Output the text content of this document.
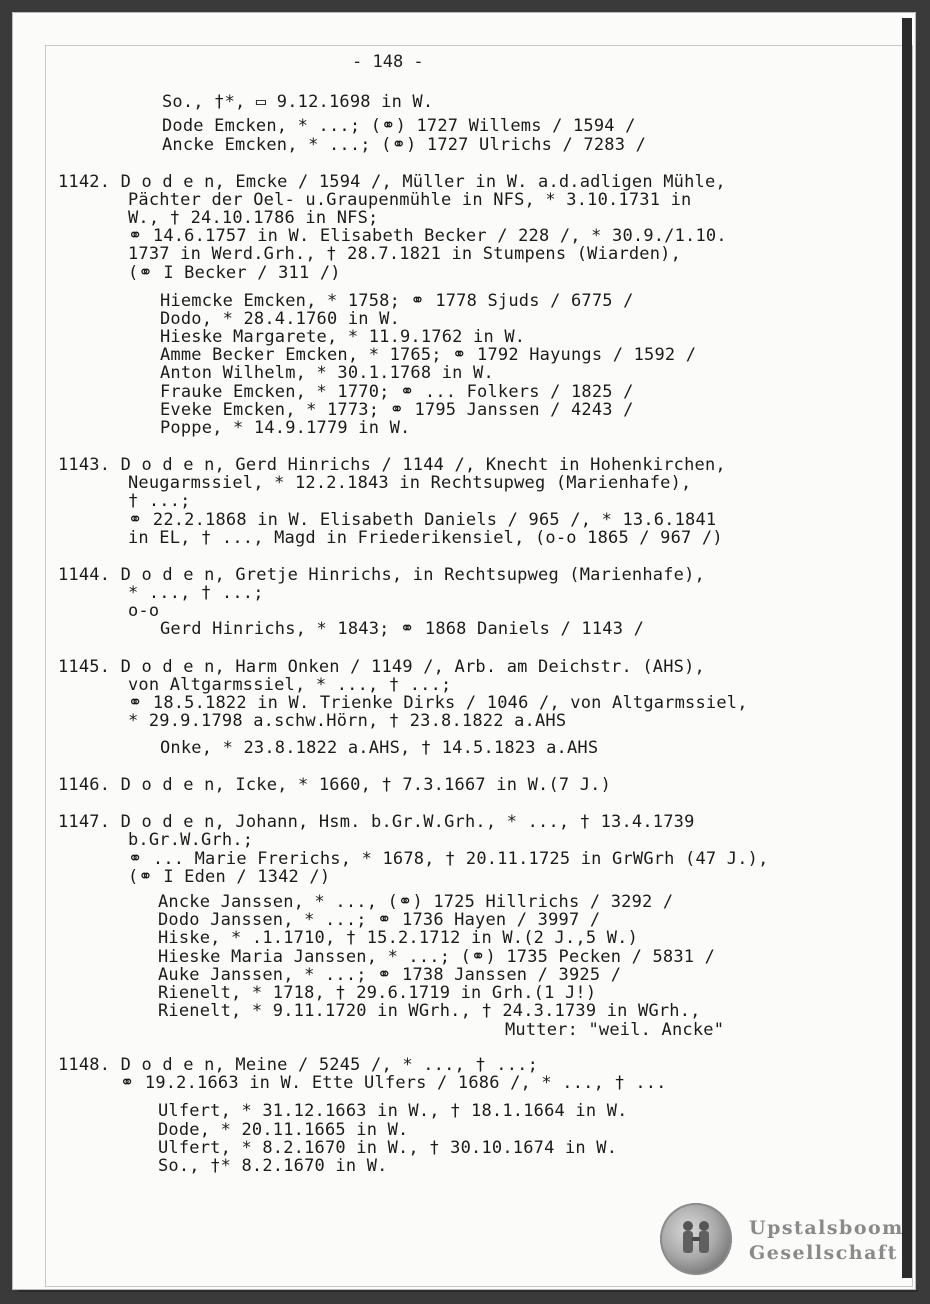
- 148 -
So., †*, ▭ 9.12.1698 in W.
Dode Emcken, * ...; (⚭) 1727 Willems / 1594 /
Ancke Emcken, * ...; (⚭) 1727 Ulrichs / 7283 /
1142. D o d e n, Emcke / 1594 /, Müller in W. a.d.adligen Mühle,
Pächter der Oel- u.Graupenmühle in NFS, * 3.10.1731 in
W., † 24.10.1786 in NFS;
⚭ 14.6.1757 in W. Elisabeth Becker / 228 /, * 30.9./1.10.
1737 in Werd.Grh., † 28.7.1821 in Stumpens (Wiarden),
(⚭ I Becker / 311 /)
Hiemcke Emcken, * 1758; ⚭ 1778 Sjuds / 6775 /
Dodo, * 28.4.1760 in W.
Hieske Margarete, * 11.9.1762 in W.
Amme Becker Emcken, * 1765; ⚭ 1792 Hayungs / 1592 /
Anton Wilhelm, * 30.1.1768 in W.
Frauke Emcken, * 1770; ⚭ ... Folkers / 1825 /
Eveke Emcken, * 1773; ⚭ 1795 Janssen / 4243 /
Poppe, * 14.9.1779 in W.
1143. D o d e n, Gerd Hinrichs / 1144 /, Knecht in Hohenkirchen,
Neugarmssiel, * 12.2.1843 in Rechtsupweg (Marienhafe),
† ...;
⚭ 22.2.1868 in W. Elisabeth Daniels / 965 /, * 13.6.1841
in EL, † ..., Magd in Friederikensiel, (o-o 1865 / 967 /)
1144. D o d e n, Gretje Hinrichs, in Rechtsupweg (Marienhafe),
* ..., † ...;
o-o
Gerd Hinrichs, * 1843; ⚭ 1868 Daniels / 1143 /
1145. D o d e n, Harm Onken / 1149 /, Arb. am Deichstr. (AHS),
von Altgarmssiel, * ..., † ...;
⚭ 18.5.1822 in W. Trienke Dirks / 1046 /, von Altgarmssiel,
* 29.9.1798 a.schw.Hörn, † 23.8.1822 a.AHS
Onke, * 23.8.1822 a.AHS, † 14.5.1823 a.AHS
1146. D o d e n, Icke, * 1660, † 7.3.1667 in W.(7 J.)
1147. D o d e n, Johann, Hsm. b.Gr.W.Grh., * ..., † 13.4.1739
b.Gr.W.Grh.;
⚭ ... Marie Frerichs, * 1678, † 20.11.1725 in GrWGrh (47 J.),
(⚭ I Eden / 1342 /)
Ancke Janssen, * ..., (⚭) 1725 Hillrichs / 3292 /
Dodo Janssen, * ...; ⚭ 1736 Hayen / 3997 /
Hiske, * .1.1710, † 15.2.1712 in W.(2 J.,5 W.)
Hieske Maria Janssen, * ...; (⚭) 1735 Pecken / 5831 /
Auke Janssen, * ...; ⚭ 1738 Janssen / 3925 /
Rienelt, * 1718, † 29.6.1719 in Grh.(1 J!)
Rienelt, * 9.11.1720 in WGrh., † 24.3.1739 in WGrh.,
Mutter: "weil. Ancke"
1148. D o d e n, Meine / 5245 /, * ..., † ...;
⚭ 19.2.1663 in W. Ette Ulfers / 1686 /, * ..., † ...
Ulfert, * 31.12.1663 in W., † 18.1.1664 in W.
Dode, * 20.11.1665 in W.
Ulfert, * 8.2.1670 in W., † 30.10.1674 in W.
So., †* 8.2.1670 in W.
Upstalsboom
Gesellschaft
